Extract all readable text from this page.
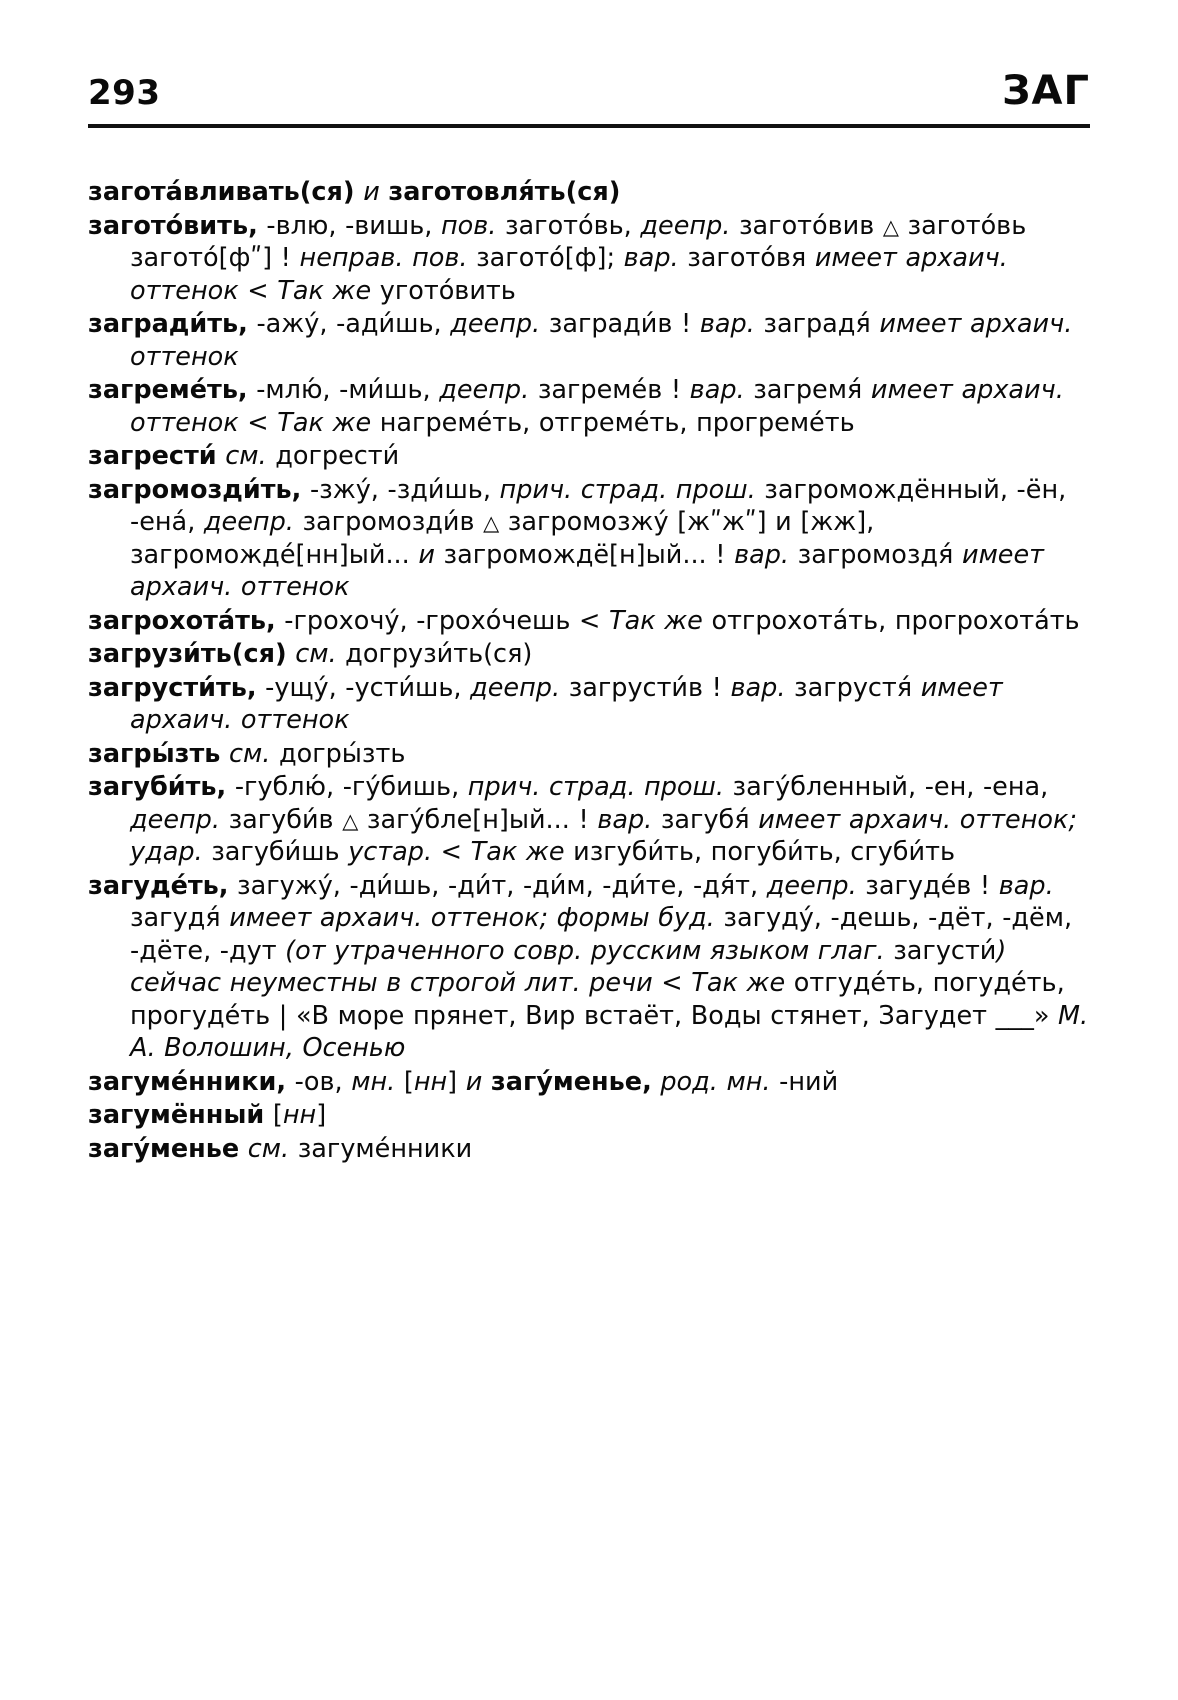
293	ЗАГ
заготáвливать(ся) и заготовля́ть(ся)
заготóвить, -влю, -вишь, пов. заготóвь, деепр. заготóвив △ заготóвь заготó[фʺ] ! неправ. пов. заготó[ф]; вар. заготóвя имеет архаич. оттенок < Так же уготóвить
загради́ть, -ажý, -ади́шь, деепр. загради́в ! вар. заградя́ имеет архаич. оттенок
загремéть, -млю́, -ми́шь, деепр. загремéв ! вар. загремя́ имеет архаич. оттенок < Так же нагремéть, отгремéть, прогремéть
загрести́ см. догрести́
загромозди́ть, -зжý, -зди́шь, прич. страд. прош. загромождённый, -ён, -енá, деепр. загромозди́в △ загромозжý [жʺжʺ] и [жж], загромождé[нн]ый... и загромождё[н]ый... ! вар. загромоздя́ имеет архаич. оттенок
загрохотáть, -грохочý, -грохóчешь < Так же отгрохотáть, прогрохотáть
загрузи́ть(ся) см. догрузи́ть(ся)
загрусти́ть, -ущý, -усти́шь, деепр. загрусти́в ! вар. загрустя́ имеет архаич. оттенок
загры́зть см. догры́зть
загуби́ть, -гублю́, -гýбишь, прич. страд. прош. загýбленный, -ен, -ена, деепр. загуби́в △ загýбле[н]ый... ! вар. загубя́ имеет архаич. оттенок; удар. загуби́шь устар. < Так же изгуби́ть, погуби́ть, сгуби́ть
загудéть, загужý, -ди́шь, -ди́т, -ди́м, -ди́те, -дя́т, деепр. загудéв ! вар. загудя́ имеет архаич. оттенок; формы буд. загудý, -дешь, -дёт, -дём, -дёте, -дут (от утраченного совр. русским языком глаг. загусти́) сейчас неуместны в строгой лит. речи < Так же отгудéть, погудéть, прогудéть | «В море прянет, Вир встаёт, Воды стянет, Загудет ___» М. А. Волошин, Осенью
загумéнники, -ов, мн. [нн] и загýменье, род. мн. -ний
загумённый [нн]
загýменье см. загумéнники
